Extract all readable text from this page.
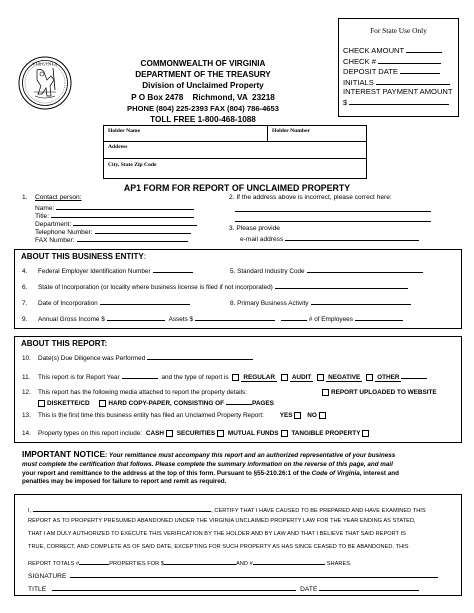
VIRGINIA	COMMONWEALTH OF VIRGINIA
DEPARTMENT OF THE TREASURY
Division of Unclaimed Property
P O Box 2478    Richmond, VA  23218
PHONE (804) 225-2393 FAX (804) 786-4653
TOLL FREE 1-800-468-1088
For State Use Only
CHECK AMOUNT
CHECK #
DEPOSIT DATE
INITIALS
INTEREST PAYMENT AMOUNT
$
Holder Name	Holder Number
Address
City, State Zip Code
AP1 FORM FOR REPORT OF UNCLAIMED PROPERTY
1. Contact person:
Name:
Title:
Department:
Telephone Number:
FAX Number:
2. If the address above is incorrect, please correct here:
3. Please provide
e-mail address
ABOUT THIS BUSINESS ENTITY:
4. Federal Employer Identification Number	5. Standard Industry Code
6. State of Incorporation (or locality where business license is filed if not incorporated)
7. Date of Incorporation	8. Primary Business Activity
9. Annual Gross Income $	Assets $	# of Employees
ABOUT THIS REPORT:
10. Date(s) Due Diligence was Performed
11. This report is for Report Year	and the type of report is REGULAR	AUDIT	NEGATIVE	OTHER
12. This report has the following media attached to report the property details:	REPORT UPLOADED TO WEBSITE
DISKETTE/CD	HARD COPY-PAPER, CONSISTING OF	PAGES
13. This is the first time this business entity has filed an Unclaimed Property Report: YES NO
14. Property types on this report include: CASH SECURITIES MUTUAL FUNDS TANGIBLE PROPERTY
IMPORTANT NOTICE: Your remittance must accompany this report and an authorized representative of your business
must complete the certification that follows. Please complete the summary information on the reverse of this page, and mail
your report and remittance to the address at the top of this form. Pursuant to §55-210.26:1 of the Code of Virginia, interest and
penalties may be imposed for failure to report and remit as required.
I,	, CERTIFY THAT I HAVE CAUSED TO BE PREPARED AND HAVE EXAMINED THIS
REPORT AS TO PROPERTY PRESUMED ABANDONED UNDER THE VIRGINIA UNCLAIMED PROPERTY LAW FOR THE YEAR ENDING AS STATED,
THAT I AM DULY AUTHORIZED TO EXECUTE THIS VERIFICATION BY THE HOLDER AND BY LAW AND THAT I BELIEVE THAT SAID REPORT IS
TRUE, CORRECT, AND COMPLETE AS OF SAID DATE, EXCEPTING FOR SUCH PROPERTY AS HAS SINCE CEASED TO BE ABANDONED. THIS
REPORT TOTALS #	PROPERTIES FOR $	AND #	SHARES.
SIGNATURE
TITLE	DATE
